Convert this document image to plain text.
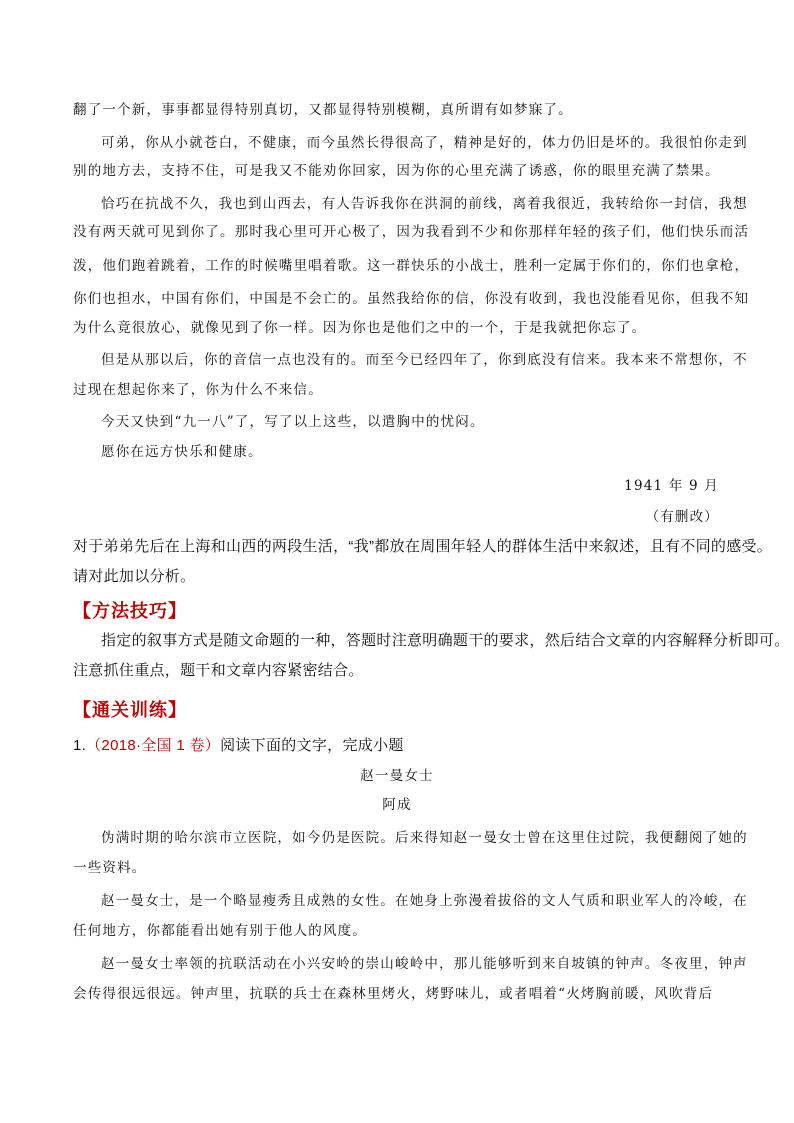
翻了一个新，事事都显得特别真切，又都显得特别模糊，真所谓有如梦寐了。
可弟，你从小就苍白，不健康，而今虽然长得很高了，精神是好的，体力仍旧是坏的。我很怕你走到
别的地方去，支持不住，可是我又不能劝你回家，因为你的心里充满了诱惑，你的眼里充满了禁果。
恰巧在抗战不久，我也到山西去，有人告诉我你在洪洞的前线，离着我很近，我转给你一封信，我想
没有两天就可见到你了。那时我心里可开心极了，因为我看到不少和你那样年轻的孩子们，他们快乐而活
泼，他们跑着跳着，工作的时候嘴里唱着歌。这一群快乐的小战士，胜利一定属于你们的，你们也拿枪，
你们也担水，中国有你们，中国是不会亡的。虽然我给你的信，你没有收到，我也没能看见你，但我不知
为什么竟很放心，就像见到了你一样。因为你也是他们之中的一个，于是我就把你忘了。
但是从那以后，你的音信一点也没有的。而至今已经四年了，你到底没有信来。我本来不常想你，不
过现在想起你来了，你为什么不来信。
今天又快到“九一八”了，写了以上这些，以遣胸中的忧闷。
愿你在远方快乐和健康。
1941 年 9 月
（有删改）
对于弟弟先后在上海和山西的两段生活，“我”都放在周围年轻人的群体生活中来叙述，且有不同的感受。
请对此加以分析。
【方法技巧】
指定的叙事方式是随文命题的一种，答题时注意明确题干的要求，然后结合文章的内容解释分析即可。
注意抓住重点，题干和文章内容紧密结合。
【通关训练】
1.（2018·全国 1 卷）阅读下面的文字，完成小题
赵一曼女士
阿成
伪满时期的哈尔滨市立医院，如今仍是医院。后来得知赵一曼女士曾在这里住过院，我便翻阅了她的
一些资料。
赵一曼女士，是一个略显瘦秀且成熟的女性。在她身上弥漫着拔俗的文人气质和职业军人的冷峻，在
任何地方，你都能看出她有别于他人的风度。
赵一曼女士率领的抗联活动在小兴安岭的崇山峻岭中，那儿能够听到来自坡镇的钟声。冬夜里，钟声
会传得很远很远。钟声里，抗联的兵士在森林里烤火，烤野味儿，或者唱着“火烤胸前暖，风吹背后
